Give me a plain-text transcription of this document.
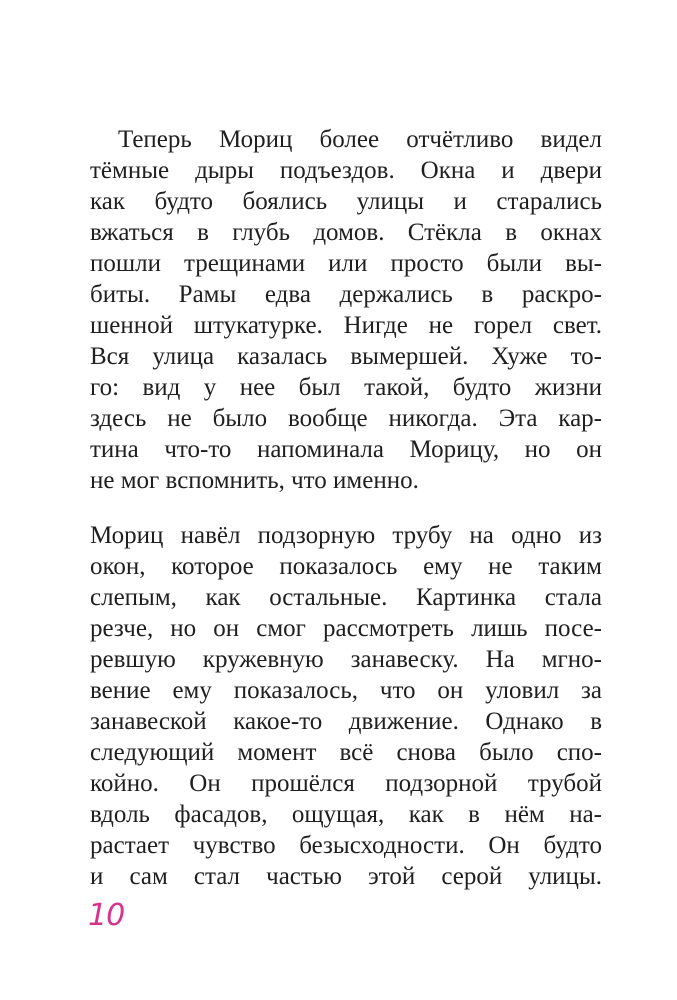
Теперь Мориц более отчётливо видел
тёмные дыры подъездов. Окна и двери
как будто боялись улицы и старались
вжаться в глубь домов. Стёкла в окнах
пошли трещинами или просто были вы-
биты. Рамы едва держались в раскро-
шенной штукатурке. Нигде не горел свет.
Вся улица казалась вымершей. Хуже то-
го: вид у нее был такой, будто жизни
здесь не было вообще никогда. Эта кар-
тина что-то напоминала Морицу, но он
не мог вспомнить, что именно.
Мориц навёл подзорную трубу на одно из
окон, которое показалось ему не таким
слепым, как остальные. Картинка стала
резче, но он смог рассмотреть лишь посе-
ревшую кружевную занавеску. На мгно-
вение ему показалось, что он уловил за
занавеской какое-то движение. Однако в
следующий момент всё снова было спо-
койно. Он прошёлся подзорной трубой
вдоль фасадов, ощущая, как в нём на-
растает чувство безысходности. Он будто
и сам стал частью этой серой улицы.
10
